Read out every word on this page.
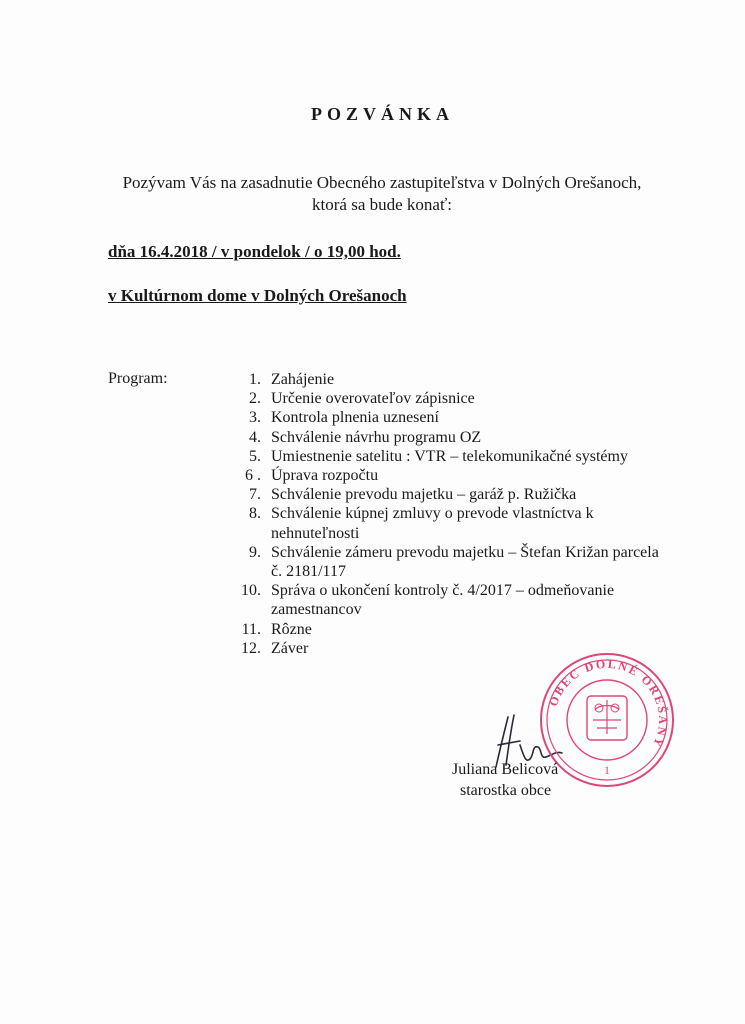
POZVÁNKA
Pozývam Vás na zasadnutie Obecného zastupiteľstva v Dolných Orešanoch, ktorá sa bude konať:
dňa 16.4.2018 / v pondelok / o 19,00 hod.
v Kultúrnom dome v Dolných Orešanoch
Program:	1. Zahájenie
2. Určenie overovateľov zápisnice
3. Kontrola plnenia uznesení
4. Schválenie návrhu programu OZ
5. Umiestnenie satelitu : VTR – telekomunikačné systémy
6 . Úprava rozpočtu
7. Schválenie prevodu majetku – garáž p. Ružička
8. Schválenie kúpnej zmluvy o prevode vlastníctva k nehnuteľnosti
9. Schválenie zámeru prevodu majetku – Štefan Križan parcela č. 2181/117
10. Správa o ukončení kontroly č. 4/2017 – odmeňovanie zamestnancov
11. Rôzne
12. Záver
OBEC DOLNÉ OREŠANY
1
Juliana Belicová
starostka obce
